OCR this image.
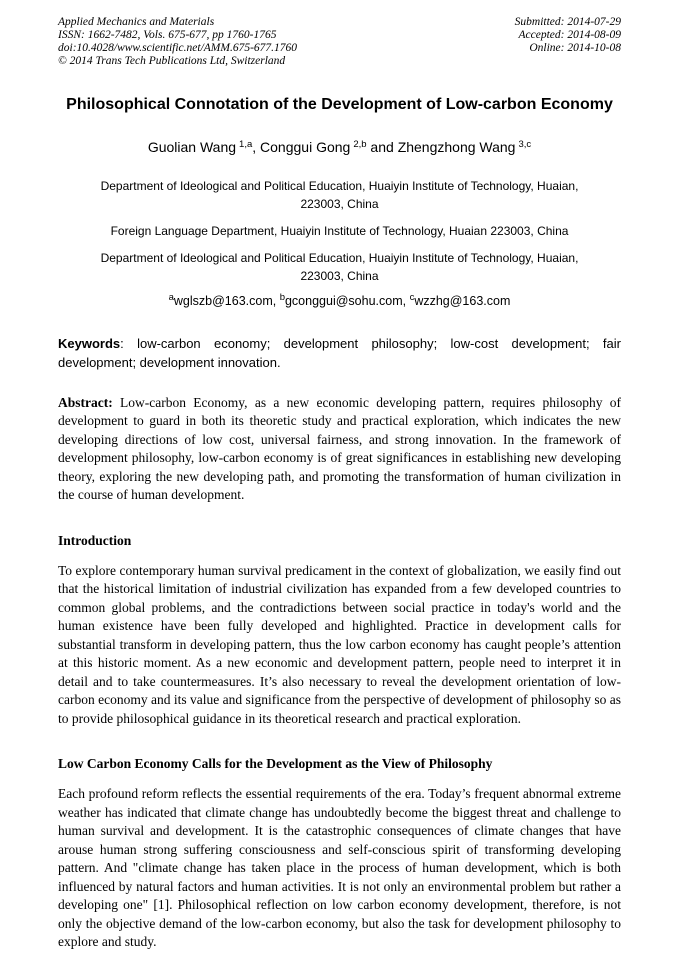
Applied Mechanics and Materials
ISSN: 1662-7482, Vols. 675-677, pp 1760-1765
doi:10.4028/www.scientific.net/AMM.675-677.1760
© 2014 Trans Tech Publications Ltd, Switzerland
Submitted: 2014-07-29
Accepted: 2014-08-09
Online: 2014-10-08
Philosophical Connotation of the Development of Low-carbon Economy
Guolian Wang $^{1,a}$, Conggui Gong $^{2,b}$ and Zhengzhong Wang $^{3,c}$
Department of Ideological and Political Education, Huaiyin Institute of Technology, Huaian, 223003, China
Foreign Language Department, Huaiyin Institute of Technology, Huaian 223003, China
Department of Ideological and Political Education, Huaiyin Institute of Technology, Huaian, 223003, China
$^a$wglszb@163.com, $^b$gconggui@sohu.com, $^c$wzzhg@163.com

Keywords: low-carbon economy; development philosophy; low-cost development; fair development; development innovation.

Abstract: Low-carbon Economy, as a new economic developing pattern, requires philosophy of development to guard in both its theoretic study and practical exploration, which indicates the new developing directions of low cost, universal fairness, and strong innovation. In the framework of development philosophy, low-carbon economy is of great significances in establishing new developing theory, exploring the new developing path, and promoting the transformation of human civilization in the course of human development.

Introduction

To explore contemporary human survival predicament in the context of globalization, we easily find out that the historical limitation of industrial civilization has expanded from a few developed countries to common global problems, and the contradictions between social practice in today's world and the human existence have been fully developed and highlighted. Practice in development calls for substantial transform in developing pattern, thus the low carbon economy has caught people’s attention at this historic moment. As a new economic and development pattern, people need to interpret it in detail and to take countermeasures. It’s also necessary to reveal the development orientation of low-carbon economy and its value and significance from the perspective of development of philosophy so as to provide philosophical guidance in its theoretical research and practical exploration.

Low Carbon Economy Calls for the Development as the View of Philosophy

Each profound reform reflects the essential requirements of the era. Today’s frequent abnormal extreme weather has indicated that climate change has undoubtedly become the biggest threat and challenge to human survival and development. It is the catastrophic consequences of climate changes that have arouse human strong suffering consciousness and self-conscious spirit of transforming developing pattern. And "climate change has taken place in the process of human development, which is both influenced by natural factors and human activities. It is not only an environmental problem but rather a developing one" [1]. Philosophical reflection on low carbon economy development, therefore, is not only the objective demand of the low-carbon economy, but also the task for development philosophy to explore and study.
